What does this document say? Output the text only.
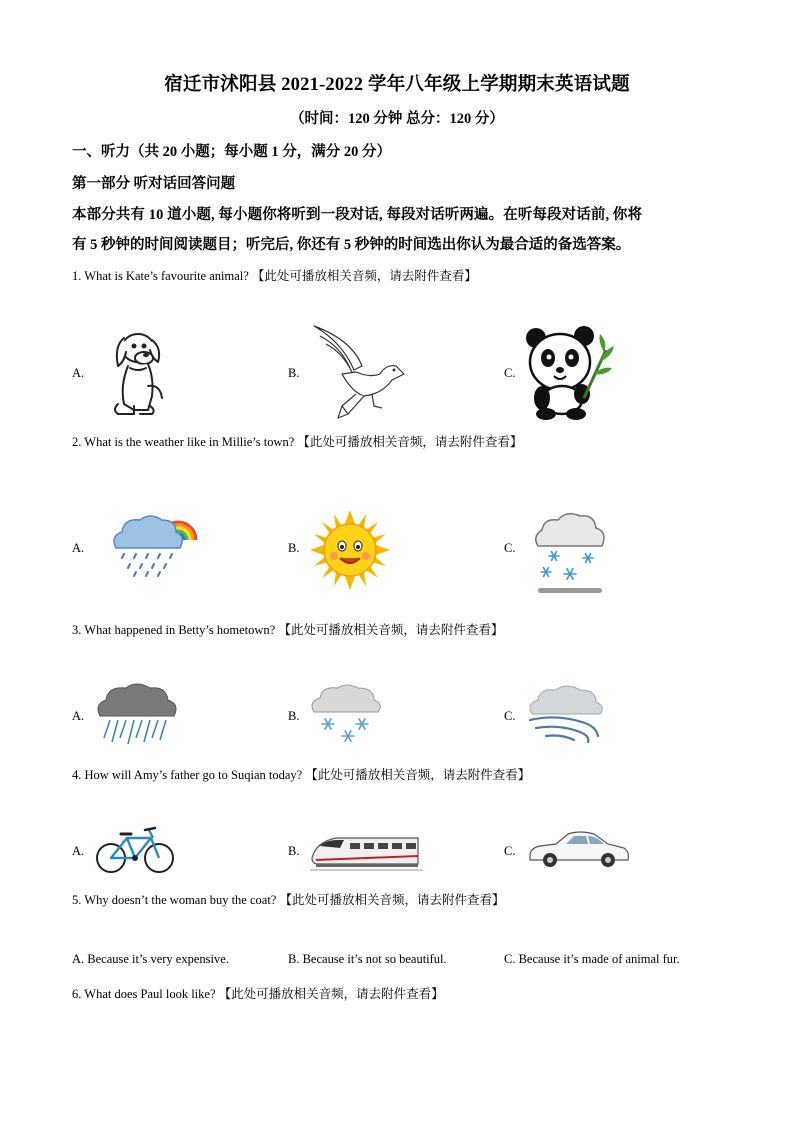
宿迁市沭阳县 2021-2022 学年八年级上学期期末英语试题
（时间：120 分钟 总分：120 分）
一、听力（共 20 小题；每小题 1 分，满分 20 分）
第一部分 听对话回答问题
本部分共有 10 道小题, 每小题你将听到一段对话, 每段对话听两遍。在听每段对话前, 你将
有 5 秒钟的时间阅读题目；听完后, 你还有 5 秒钟的时间选出你认为最合适的备选答案。
1. What is Kate’s favourite animal? 【此处可播放相关音频，请去附件查看】
A.	B.	C.
2. What is the weather like in Millie’s town? 【此处可播放相关音频，请去附件查看】
A.	B.	C.
3. What happened in Betty’s hometown? 【此处可播放相关音频，请去附件查看】
A.	B.	C.
4. How will Amy’s father go to Suqian today? 【此处可播放相关音频，请去附件查看】
A.	B.	C.
5. Why doesn’t the woman buy the coat? 【此处可播放相关音频，请去附件查看】
A. Because it’s very expensive.	B. Because it’s not so beautiful.	C. Because it’s made of animal fur.
6. What does Paul look like? 【此处可播放相关音频，请去附件查看】
